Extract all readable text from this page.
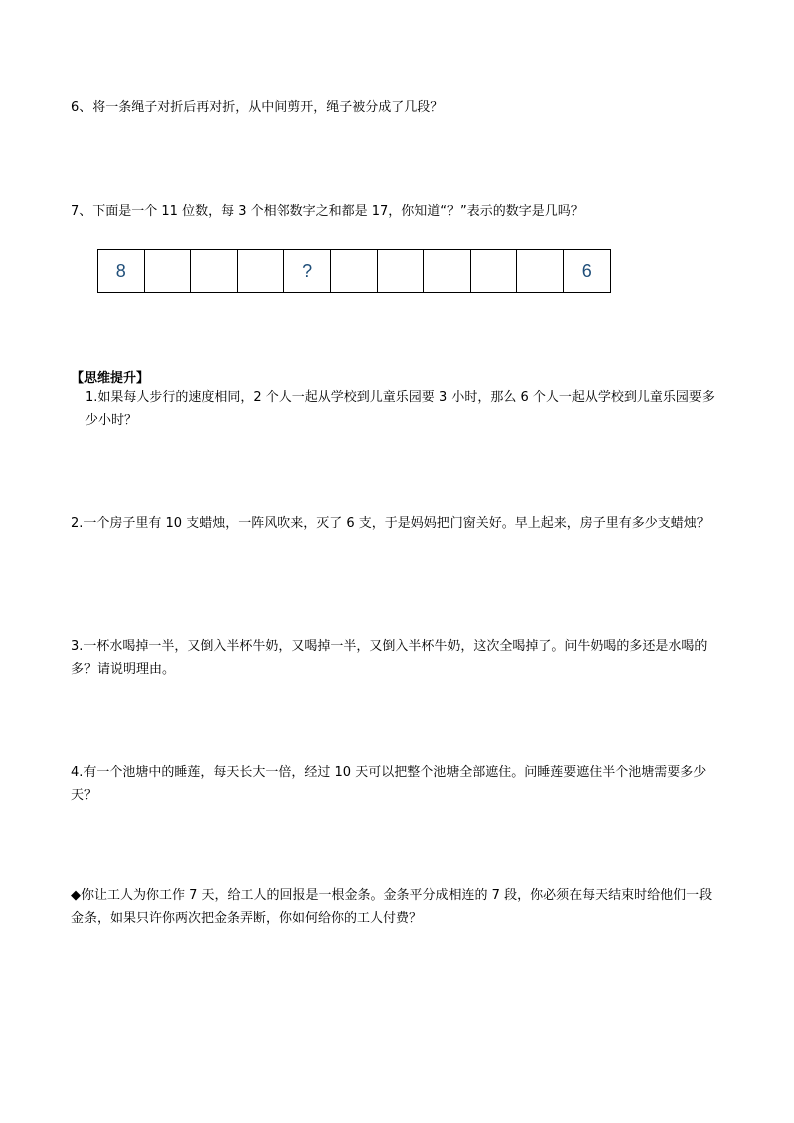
6、将一条绳子对折后再对折，从中间剪开，绳子被分成了几段？

7、下面是一个 11 位数，每 3 个相邻数字之和都是 17，你知道“？”表示的数字是几吗？

8	?	6

【思维提升】

1.如果每人步行的速度相同，2 个人一起从学校到儿童乐园要 3 小时，那么 6 个人一起从学校到儿童乐园要多少小时？

2.一个房子里有 10 支蜡烛，一阵风吹来，灭了 6 支，于是妈妈把门窗关好。早上起来，房子里有多少支蜡烛？

3.一杯水喝掉一半，又倒入半杯牛奶，又喝掉一半，又倒入半杯牛奶，这次全喝掉了。问牛奶喝的多还是水喝的多？请说明理由。

4.有一个池塘中的睡莲，每天长大一倍，经过 10 天可以把整个池塘全部遮住。问睡莲要遮住半个池塘需要多少天？

◆你让工人为你工作 7 天，给工人的回报是一根金条。金条平分成相连的 7 段，你必须在每天结束时给他们一段金条，如果只许你两次把金条弄断，你如何给你的工人付费？
